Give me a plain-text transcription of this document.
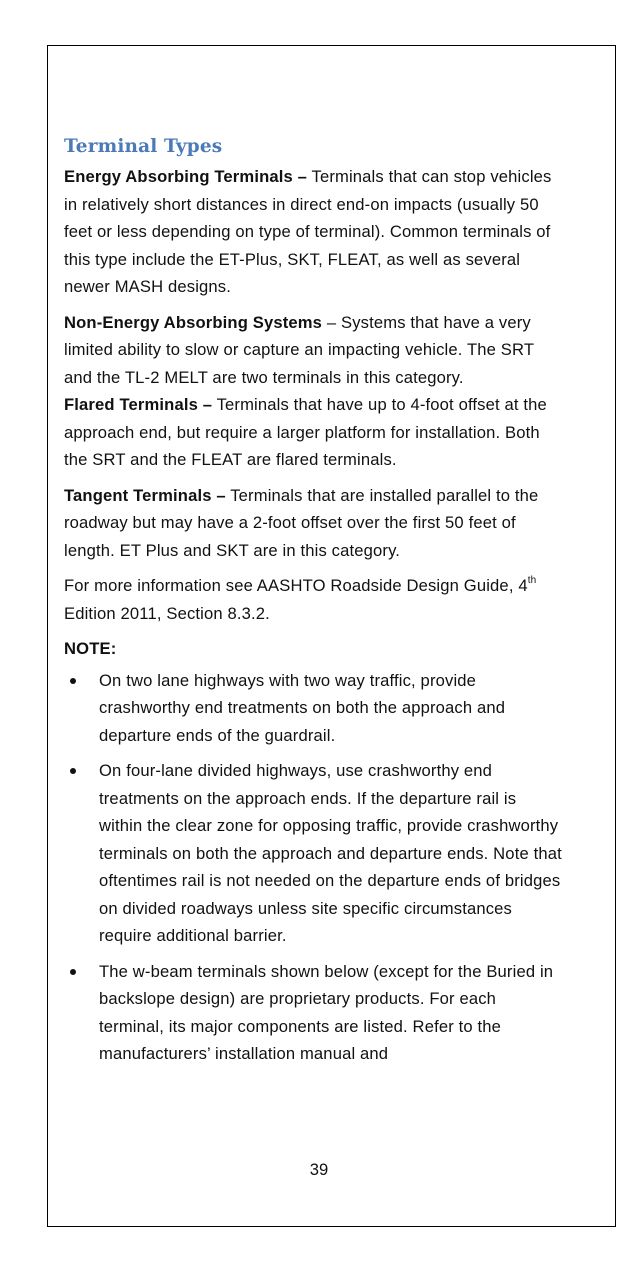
Terminal Types

Energy Absorbing Terminals – Terminals that can stop vehicles in relatively short distances in direct end-on impacts (usually 50 feet or less depending on type of terminal). Common terminals of this type include the ET-Plus, SKT, FLEAT, as well as several newer MASH designs.

Non-Energy Absorbing Systems – Systems that have a very limited ability to slow or capture an impacting vehicle. The SRT and the TL-2 MELT are two terminals in this category.

Flared Terminals – Terminals that have up to 4-foot offset at the approach end, but require a larger platform for installation. Both the SRT and the FLEAT are flared terminals.

Tangent Terminals – Terminals that are installed parallel to the roadway but may have a 2-foot offset over the first 50 feet of length. ET Plus and SKT are in this category.

For more information see AASHTO Roadside Design Guide, 4th Edition 2011, Section 8.3.2.

NOTE:

On two lane highways with two way traffic, provide crashworthy end treatments on both the approach and departure ends of the guardrail.
On four-lane divided highways, use crashworthy end treatments on the approach ends. If the departure rail is within the clear zone for opposing traffic, provide crashworthy terminals on both the approach and departure ends. Note that oftentimes rail is not needed on the departure ends of bridges on divided roadways unless site specific circumstances require additional barrier.
The w-beam terminals shown below (except for the Buried in backslope design) are proprietary products. For each terminal, its major components are listed. Refer to the manufacturers’ installation manual and
39
